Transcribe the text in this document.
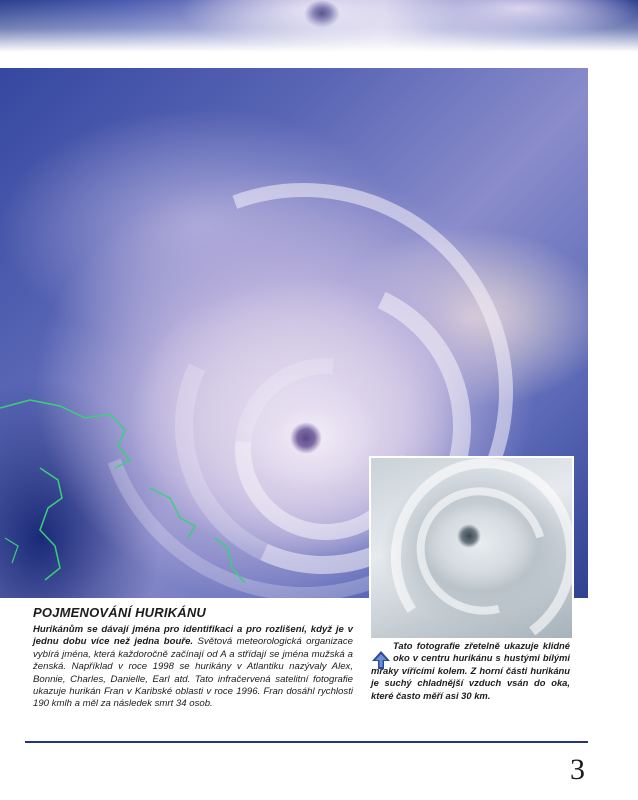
POJMENOVÁNÍ HURIKÁNU

Hurikánům se dávají jména pro identifikaci a pro rozlišení, když je v jednu dobu více než jedna bouře. Světová meteorologická organizace vybírá jména, která každoročně začínají od A a střídají se jména mužská a ženská. Například v roce 1998 se hurikány v Atlantiku nazývaly Alex, Bonnie, Charles, Danielle, Earl atd. Tato infračervená satelitní fotografie ukazuje hurikán Fran v Karibské oblasti v roce 1996. Fran dosáhl rychlosti 190 kmlh a měl za následek smrt 34 osob.

Tato fotografie zřetelně ukazuje klidné oko v centru hurikánu s hustými bílými mraky vířícími kolem. Z horní části hurikánu je suchý chladnější vzduch vsán do oka, které často měří asi 30 km.

3
